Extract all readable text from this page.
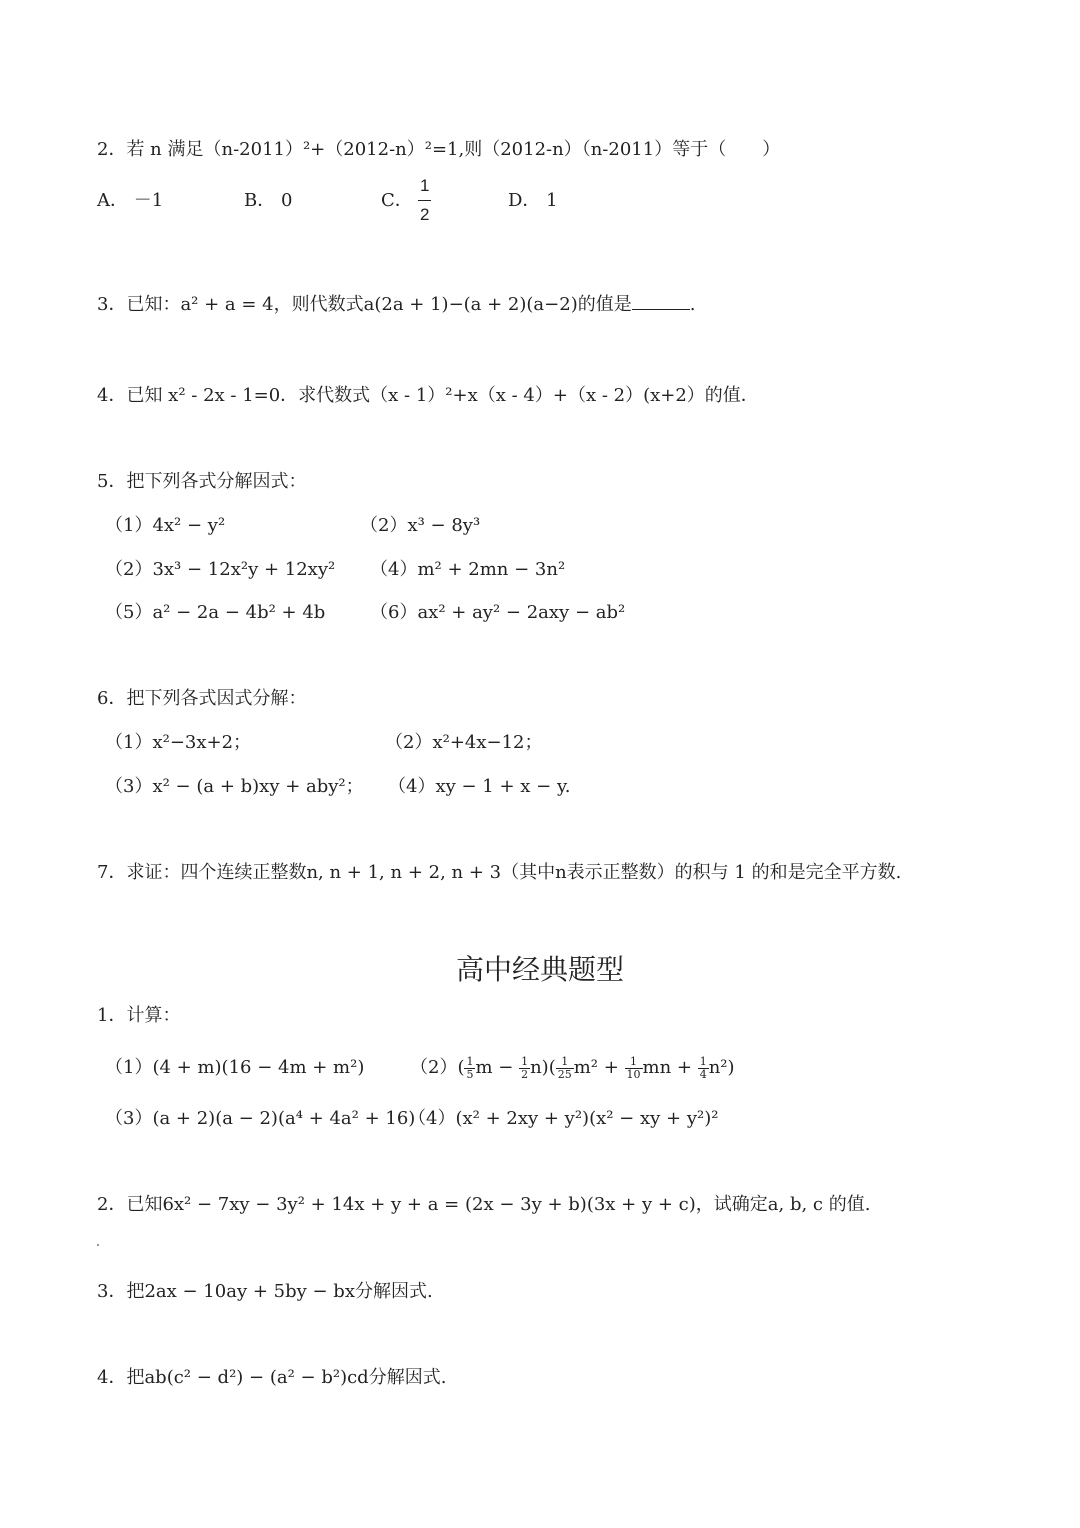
2．若 n 满足（n-2011）²+（2012-n）²=1,则（2012-n）（n-2011）等于（　　）
A． －1	B． 0	C． $\frac{1}{2}$	D． 1
3．已知：a² + a = 4，则代数式a(2a + 1)−(a + 2)(a−2)的值是	.
4．已知 x² - 2x - 1=0．求代数式（x - 1）²+x（x - 4）+（x - 2）(x+2）的值．
5．把下列各式分解因式：
（1）4x² − y²	（2）x³ − 8y³
（2）3x³ − 12x²y + 12xy² （4）m² + 2mn − 3n²
（5）a² − 2a − 4b² + 4b （6）ax² + ay² − 2axy − ab²
6．把下列各式因式分解：
（1）x²−3x+2；	（2）x²+4x−12；
（3）x² − (a + b)xy + aby²； （4）xy − 1 + x − y.
7．求证：四个连续正整数n, n + 1, n + 2, n + 3（其中n表示正整数）的积与 1 的和是完全平方数.
高中经典题型
1．计算：
（1）(4 + m)(16 − 4m + m²)	$(2)( \frac{1}{5}$ $m - \frac{1}{2} n)( \frac{1}{25} m^2 + \frac{1}{10}$ mn + $\frac{1}{4} n^2$)
（3）(a + 2)(a − 2)(a⁴ + 4a² + 16)
（4）(x² + 2xy + y²)(x² − xy + y²)²
2．已知6x² − 7xy − 3y² + 14x + y + a = (2x − 3y + b)(3x + y + c)，试确定a, b, c 的值.
3．把2ax − 10ay + 5by − bx分解因式.
4．把ab(c² − d²) − (a² − b²)cd分解因式.
